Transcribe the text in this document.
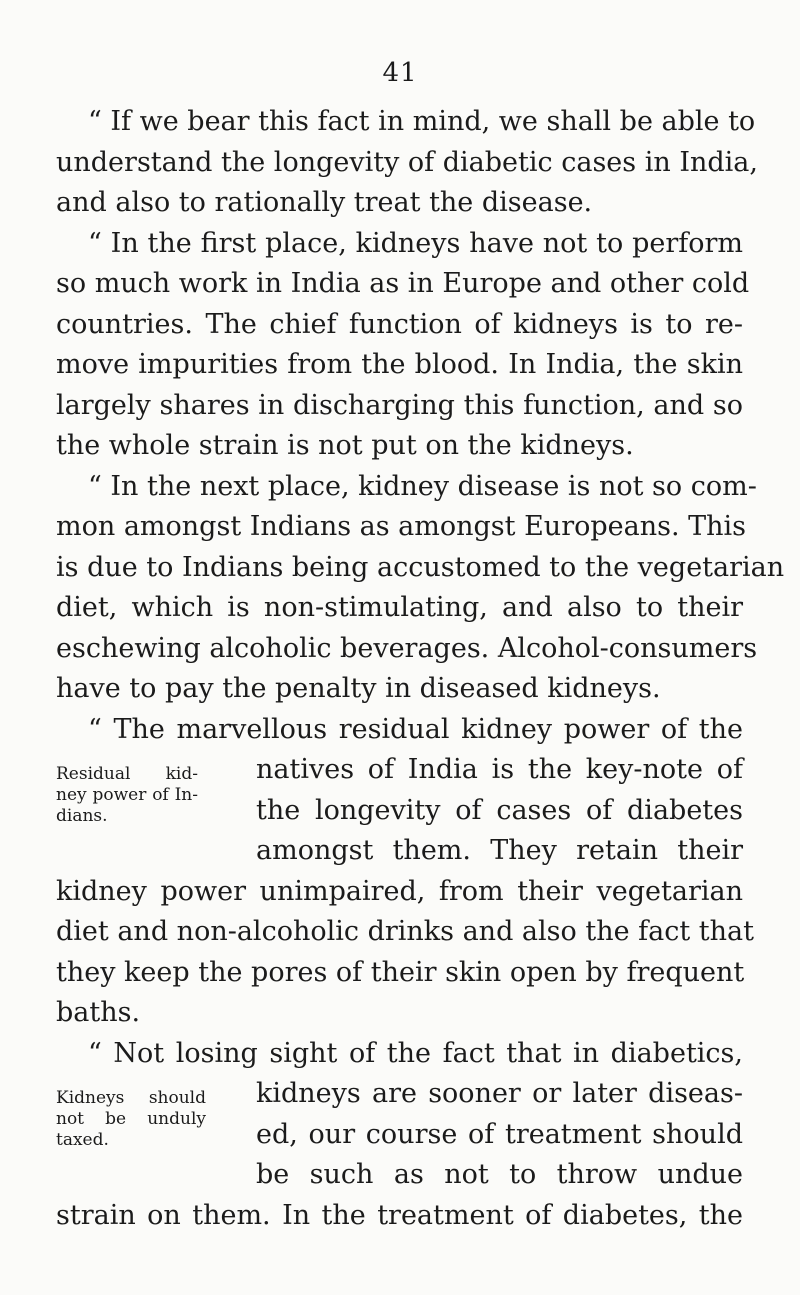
41
“ If we bear this fact in mind, we shall be able to
understand the longevity of diabetic cases in India,
and also to rationally treat the disease.
“ In the first place, kidneys have not to perform
so much work in India as in Europe and other cold
countries. The chief function of kidneys is to re-
move impurities from the blood. In India, the skin
largely shares in discharging this function, and so
the whole strain is not put on the kidneys.
“ In the next place, kidney disease is not so com-
mon amongst Indians as amongst Europeans. This
is due to Indians being accustomed to the vegetarian
diet, which is non-stimulating, and also to their
eschewing alcoholic beverages. Alcohol-consumers
have to pay the penalty in diseased kidneys.
“ The marvellous residual kidney power of the
Residual kid-
ney power of In-
dians.
natives of India is the key-note of
the longevity of cases of diabetes
amongst them. They retain their
kidney power unimpaired, from their vegetarian
diet and non-alcoholic drinks and also the fact that
they keep the pores of their skin open by frequent
baths.
“ Not losing sight of the fact that in diabetics,
kidneys are sooner or later diseas-
ed, our course of treatment should
be such as not to throw undue
strain on them. In the treatment of diabetes, the
Kidneys should
not be unduly
taxed.
